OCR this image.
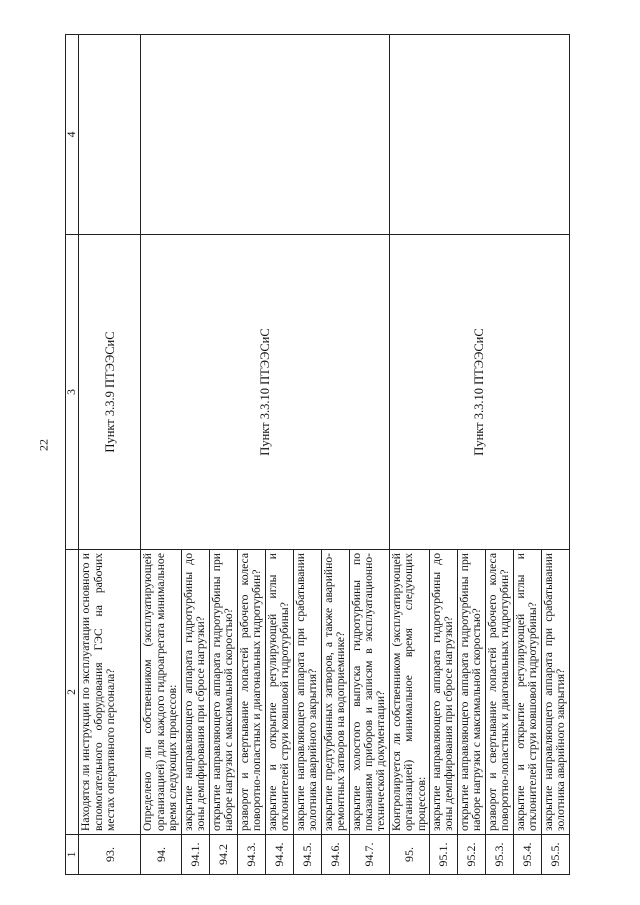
22
1	2	3	4
93.	Находятся ли инструкции по эксплуатации основного и вспомогательного оборудования ГЭС на рабочих местах оперативного персонала?	Пункт 3.3.9 ПТЭЭСиС	
94.	Определено ли собственником (эксплуатирующей организацией) для каждого гидроагрегата минимальное время следующих процессов:	Пункт 3.3.10 ПТЭЭСиС	
94.1.	закрытие направляющего аппарата гидротурбины до зоны демпфирования при сбросе нагрузки?		
94.2	открытие направляющего аппарата гидротурбины при наборе нагрузки с максимальной скоростью?		
94.3.	разворот и свертывание лопастей рабочего колеса поворотно-лопастных и диагональных гидротурбин?		
94.4.	закрытие и открытие регулирующей иглы и отклонителей струи ковшовой гидротурбины?		
94.5.	закрытие направляющего аппарата при срабатывании золотника аварийного закрытия?		
94.6.	закрытие предтурбинных затворов, а также аварийно-ремонтных затворов на водоприемнике?		
94.7.	закрытие холостого выпуска гидротурбины по показаниям приборов и записям в эксплуатационно-технической документации?		
95.	Контролируется ли собственником (эксплуатирующей организацией) минимальное время следующих процессов:	Пункт 3.3.10 ПТЭЭСиС	
95.1.	закрытие направляющего аппарата гидротурбины до зоны демпфирования при сбросе нагрузки?		
95.2.	открытие направляющего аппарата гидротурбины при наборе нагрузки с максимальной скоростью?		
95.3.	разворот и свертывание лопастей рабочего колеса поворотно-лопастных и диагональных гидротурбин?		
95.4.	закрытие и открытие регулирующей иглы и отклонителей струи ковшовой гидротурбины?		
95.5.	закрытие направляющего аппарата при срабатывании золотника аварийного закрытия?		
